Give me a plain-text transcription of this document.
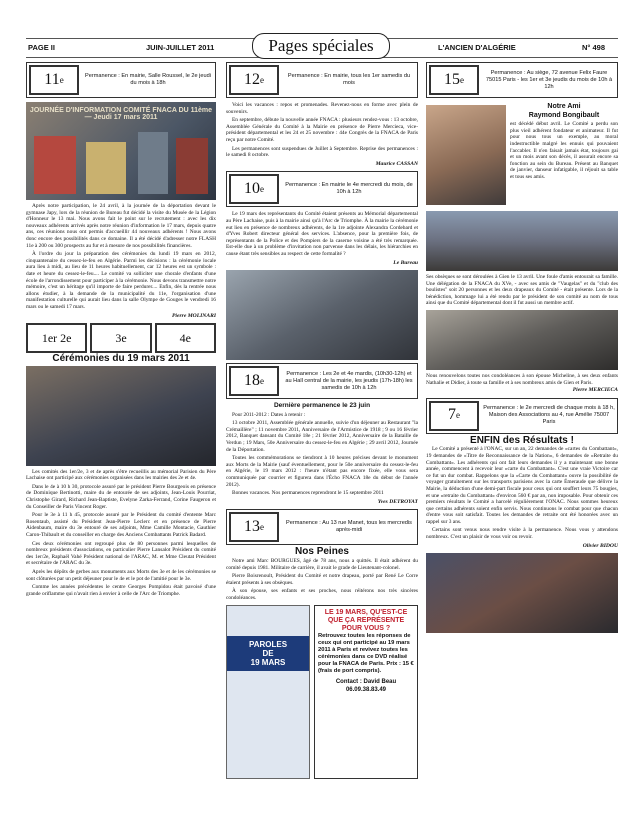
PAGE II	JUIN-JUILLET 2011	L'ANCIEN D'ALGÉRIE	N° 498
Pages spéciales
11 e	Permanence : En mairie, Salle Roussel, le 2e jeudi du mois à 18h
JOURNÉE D'INFORMATION COMITÉ FNACA DU 11ème — Jeudi 17 mars 2011

Après notre participation, le 24 avril, à la journée de la déportation devant le gymnase Japy, lors de la réunion de Bureau fut décidé la visite du Musée de la Légion d'Honneur le 13 mai. Nous avons fait le point sur le recrutement : avec les dix nouveaux adhérents arrivés après notre réunion d'information le 17 mars, depuis quatre ans, ces réunions nous ont permis d'accueillir 44 nouveaux adhérents ! Nous avons donc encore des possibilités dans ce domaine. Il a été décidé d'adresser notre FLASH 11e à 200 ou 300 prospects au fur et à mesure de nos possibilités financières.

À l'ordre du jour la préparation des cérémonies du lundi 19 mars en 2012, cinquantenaire du cessez-le-feu en Algérie. Parmi les décisions : la cérémonie locale aura lieu à midi, au lieu de 11 heures habituellement, car 12 heures est un symbole : date et heure du cessez-le-feu.... Le comité va solliciter une chorale d'enfants d'une école de l'arrondissement pour participer à la cérémonie. Nous devons transmettre notre mémoire, c'est un héritage qu'il importe de faire perdurer.... Enfin, dès la rentrée nous allons étudier, à la demande de la municipalité du 11e, l'organisation d'une manifestation culturelle qui aurait lieu dans la salle Olympe de Gouges le vendredi 16 mars ou le samedi 17 mars.

Pierre MOLINARI
1er 2e	3e	4e
Cérémonies du 19 mars 2011

Les comités des 1er/2e, 3 et 4e après s'être recueillis au mémorial Parisien du Père Lachaise ont participé aux cérémonies organisées dans les mairies des 2e et 4e.

Dans le 4e à 10 h 30, protocole assuré par le président Pierre Bourgeois en présence de Dominique Bertinotti, maire du 4e entourée de ses adjoints, Jean-Louis Pourriat, Christophe Girard, Richard Jean-Baptiste, Evelyne Zarka-Ferrand, Corine Faugeron et du Conseiller de Paris Vincent Roger.

Pour le 3e à 11 h 45, protocole assuré par le Président du comité d'entente Marc Rosentaub, assisté du Président Jean-Pierre Leclerc et en présence de Pierre Aidenbaum, maire du 3e entouré de ses adjoints, Mme Camille Montacie, Gauthier Caron-Thibault et du conseiller en charge des Anciens Combattants Patrick Badard.

Ces deux cérémonies ont regroupé plus de 80 personnes parmi lesquelles de nombreux présidents d'associations, en particulier Pierre Lansalot Président du comité des 1er/2e, Raphaël Vahé Président national de l'ARAC, M. et Mme Cleutat Président et secrétaire de l'ARAC du 3e.

Après les dépôts de gerbes aux monuments aux Morts des 3e et 4e les cérémonies se sont clôturées par un petit déjeuner pour le 4e et le pot de l'amitié pour le 3e.

Comme les années précédentes le centre Georges Pompidou était pavoisé d'une grande oriflamme qui n'avait rien à envier à celle de l'Arc de Triomphe.

12 e	Permanence : En mairie, tous les 1er samedis du mois

Voici les vacances : repos et promenades. Revenez-nous en forme avec plein de souvenirs.

En septembre, débute la nouvelle année FNACA : plusieurs rendez-vous : 13 octobre, Assemblée Générale du Comité à la Mairie en présence de Pierre Mercieca, vice-président départemental et les 24 et 25 novembre : 44e Congrès de la FNACA de Paris reçu par notre Comité.

Les permanences sont suspendues de Juillet à Septembre. Reprise des permanences : le samedi 8 octobre.

Maurice CASSAN
10 e	Permanence : En mairie le 4e mercredi du mois, de 10h à 12h

Le 19 mars des représentants du Comité étaient présents au Mémorial départemental au Père Lachaise, puis à la mairie ainsi qu'à l'Arc de Triomphe. À la mairie la cérémonie eut lieu en présence de nombreux adhérents, de la 1re adjointe Alexandra Cordebard et d'Yves Robert directeur général des services. L'absence, pour la première fois, de représentants de la Police et des Pompiers de la caserne voisine a été très remarquée. Est-elle due à un problème d'invitation non parvenue dans les délais, les hiérarchies en cause étant très sensibles au respect de cette formalité ?

Le Bureau
18 e
Permanence : Les 2e et 4e mardis, (10h30-12h) et au Hall central de la mairie, les jeudis (17h-18h) les samedis de 10h à 12h
Dernière permanence le 23 juin

Pour 2011-2012 : Dates à retenir :

13 octobre 2011, Assemblée générale annuelle, suivie d'un déjeuner au Restaurant "la Crémaillère" ; 11 novembre 2011, Anniversaire de l'Armistice de 1918 ; 9 ou 16 février 2012, Banquet dansant du Comité 18e ; 21 février 2012, Anniversaire de la Bataille de Verdun ; 19 Mars, 50e Anniversaire du cessez-le-feu en Algérie ; 29 avril 2012, Journée de la Déportation.

Toutes les commémorations se tiendront à 10 heures précises devant le monument aux Morts de la Mairie (sauf éventuellement, pour le 50e anniversaire du cessez-le-feu en Algérie, le 19 mars 2012 : l'heure n'étant pas encore fixée, elle vous sera communiquée par courrier et figurera dans l'Écho FNACA 18e du début de l'année 2012).

Bonnes vacances. Nos permanences reprendront le 15 septembre 2011

Yves DETROYAT
13 e	Permanence : Au 13 rue Manet, tous les mercredis après-midi
Nos Peines

Notre ami Marc BOURGUES, âgé de 78 ans, nous a quittés. Il était adhérent du comité depuis 1981. Militaire de carrière, il avait le grade de Lieutenant-colonel.

Pierre Boisrenoult, Président du Comité et notre drapeau, porté par René Le Corre étaient présents à ses obsèques.

À son épouse, ses enfants et ses proches, nous réitérons nos très sincères condoléances.

PAROLES
DE
19 MARS
LE 19 MARS, QU'EST-CE QUE ÇA REPRÉSENTE POUR VOUS ?
Retrouvez toutes les réponses de ceux qui ont participé au 19 mars 2011 à Paris et revivez toutes les cérémonies dans ce DVD réalisé pour la FNACA de Paris. Prix : 15 € (frais de port compris).
Contact : David Beau 06.09.38.83.49
15 e
Permanence : Au siège, 72 avenue Felix Faure 75015 Paris - les 1er et 3e jeudis du mois de 10h à 12h
Notre Ami
Raymond Bongibault
est décédé début avril. Le Comité a perdu son plus vieil adhérent fondateur et animateur. Il fut pour nous tous un exemple, au moral indestructible malgré les ennuis qui pouvaient l'accabler. Il n'en faisait jamais état, toujours gai et un mois avant son décès, il assurait encore sa fonction au sein du Bureau. Présent au Banquet de janvier, danseur infatigable, il réjouit sa table et tous ses amis.
Ses obsèques se sont déroulées à Gien le 13 avril. Une foule d'amis entourait sa famille. Une délégation de la FNACA du XVe, - avec ses amis de "Vaugelas" et du "club des boulistes" soit 20 personnes et les deux drapeaux du Comité - était présente. Lors de la bénédiction, hommage lui a été rendu par le président de son comité au nom de tous ainsi que du Comité départemental dont il fut aussi un membre actif.
Nous renouvelons toutes nos condoléances à son épouse Micheline, à ses deux enfants Nathalie et Didier, à toute sa famille et à ses nombreux amis de Gien et Paris.
Pierre MERCIECA
7 e
Permanence : le 2e mercredi de chaque mois à 18 h, Maison des Associations au 4, rue Amélie 75007 Paris
ENFIN des Résultats !

Le Comité a présenté à l'ONAC, sur un an, 22 demandes de «cartes du Combattant», 19 demandes de «Titre de Reconnaissance de la Nation», 6 demandes de «Retraite du Combattant». Les adhérents qui ont fait leurs demandes il y a maintenant une bonne année, commencent à recevoir leur «carte du Combattant». C'est une vraie Victoire car ce fut un dur combat. Rappelons que la «Carte du Combattant» ouvre la possibilité de voyager gratuitement sur les transports parisiens avec la carte Émeraude que délivre la Mairie, la déduction d'une demi-part fiscale pour ceux qui ont souffert leurs 75 bougies, et une «retraite du Combattant» d'environ 560 € par an, non imposable. Pour obtenir ces premiers résultats le Comité a harcelé régulièrement l'ONAC. Nous sommes heureux que certains adhérents soient enfin servis. Nous continuons le combat pour que chacun d'entre vous soit satisfait. Toutes les demandes de retraite ont été honorées avec un rappel sur 3 ans.

Certains sont venus nous rendre visite à la permanence. Nous vous y attendons nombreux. C'est un plaisir de vous voir ou revoir.

Olivier BIDOU
